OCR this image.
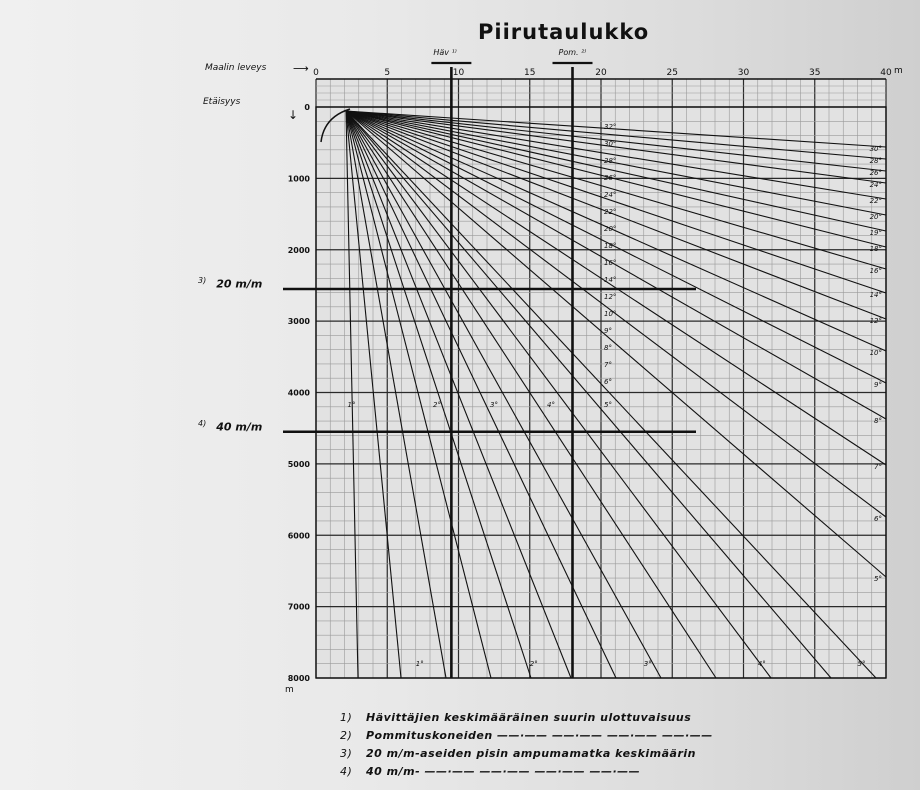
Piirutaulukko
Maalin leveys ⟶
Etäisyys
↓
$^{3)}$ 20 m/m
$^{4)}$ 40 m/m
0	5	10	15	20	25	30	35	40
0
1000
2000
3000
4000
5000
6000
7000
8000
Häv ¹⁾	Pom. ²⁾
30°
28°
26°
24°
22°
20°
19°
18°
16°
14°
12°
10°
9°
8°
7°
6°
5°
32°
30°
28°
26°
24°
22°
20°
18°
16°
14°
12°
10°
9°
8°
7°
6°
1°	2°	3°	4°	5°
1°	2°	3°	4°	5°
m
m
1) Hävittäjien keskimääräinen suurin ulottuvaisuus
2) Pommituskoneiden ——·—— ——·—— ——·—— ——·——
3) 20 m/m-aseiden pisin ampumamatka keskimäärin
4) 40 m/m- ——·—— ——·—— ——·—— ——·——
